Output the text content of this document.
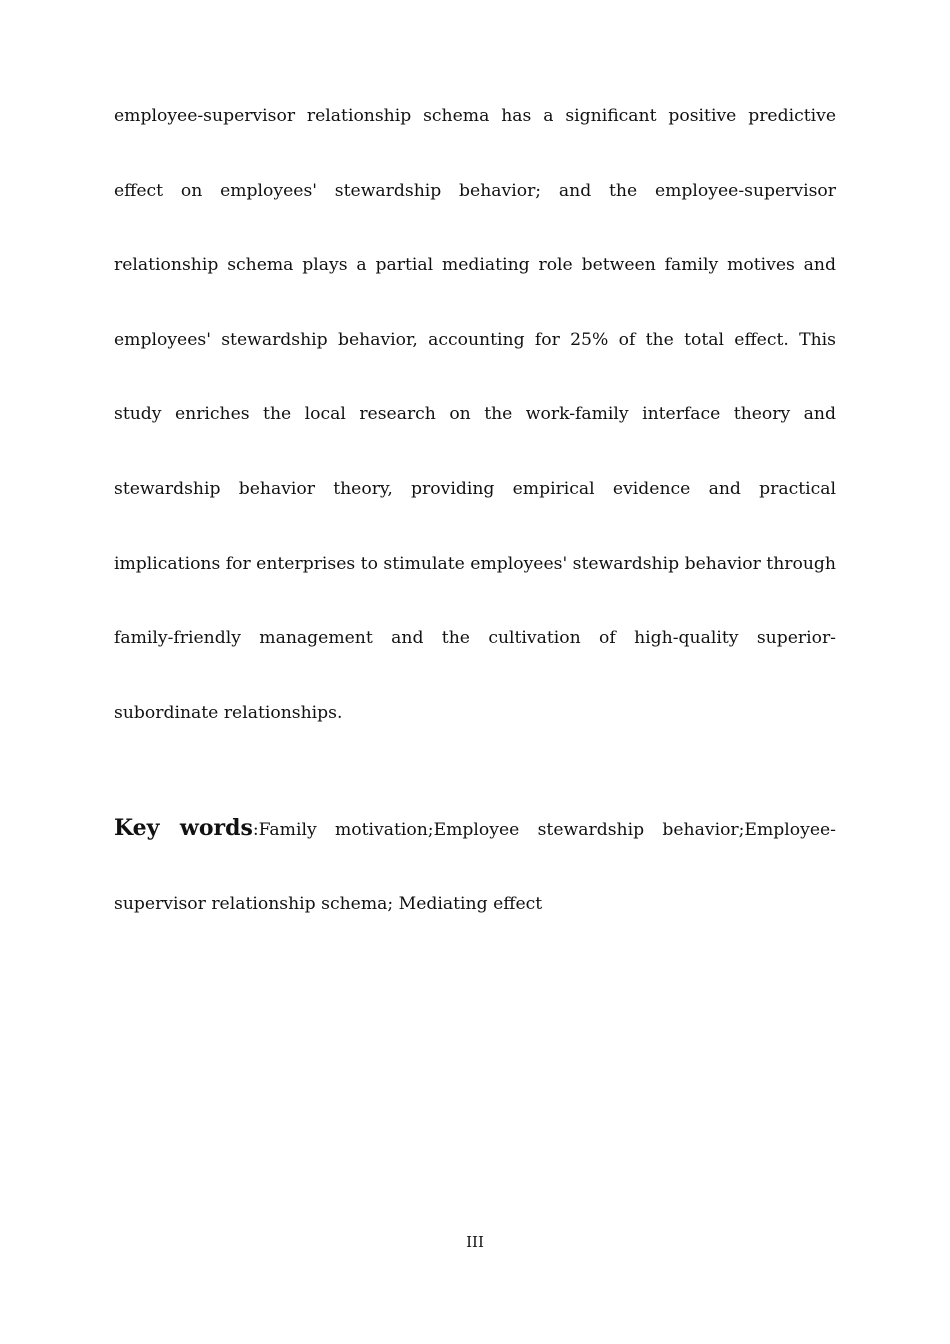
employee-supervisor relationship schema has a significant positive predictive effect on employees' stewardship behavior; and the employee-supervisor relationship schema plays a partial mediating role between family motives and employees' stewardship behavior, accounting for 25% of the total effect. This study enriches the local research on the work-family interface theory and stewardship behavior theory, providing empirical evidence and practical implications for enterprises to stimulate employees' stewardship behavior through family-friendly management and the cultivation of high-quality superior-subordinate relationships.

Key words:Family motivation;Employee stewardship behavior;Employee-supervisor relationship schema; Mediating effect

III
